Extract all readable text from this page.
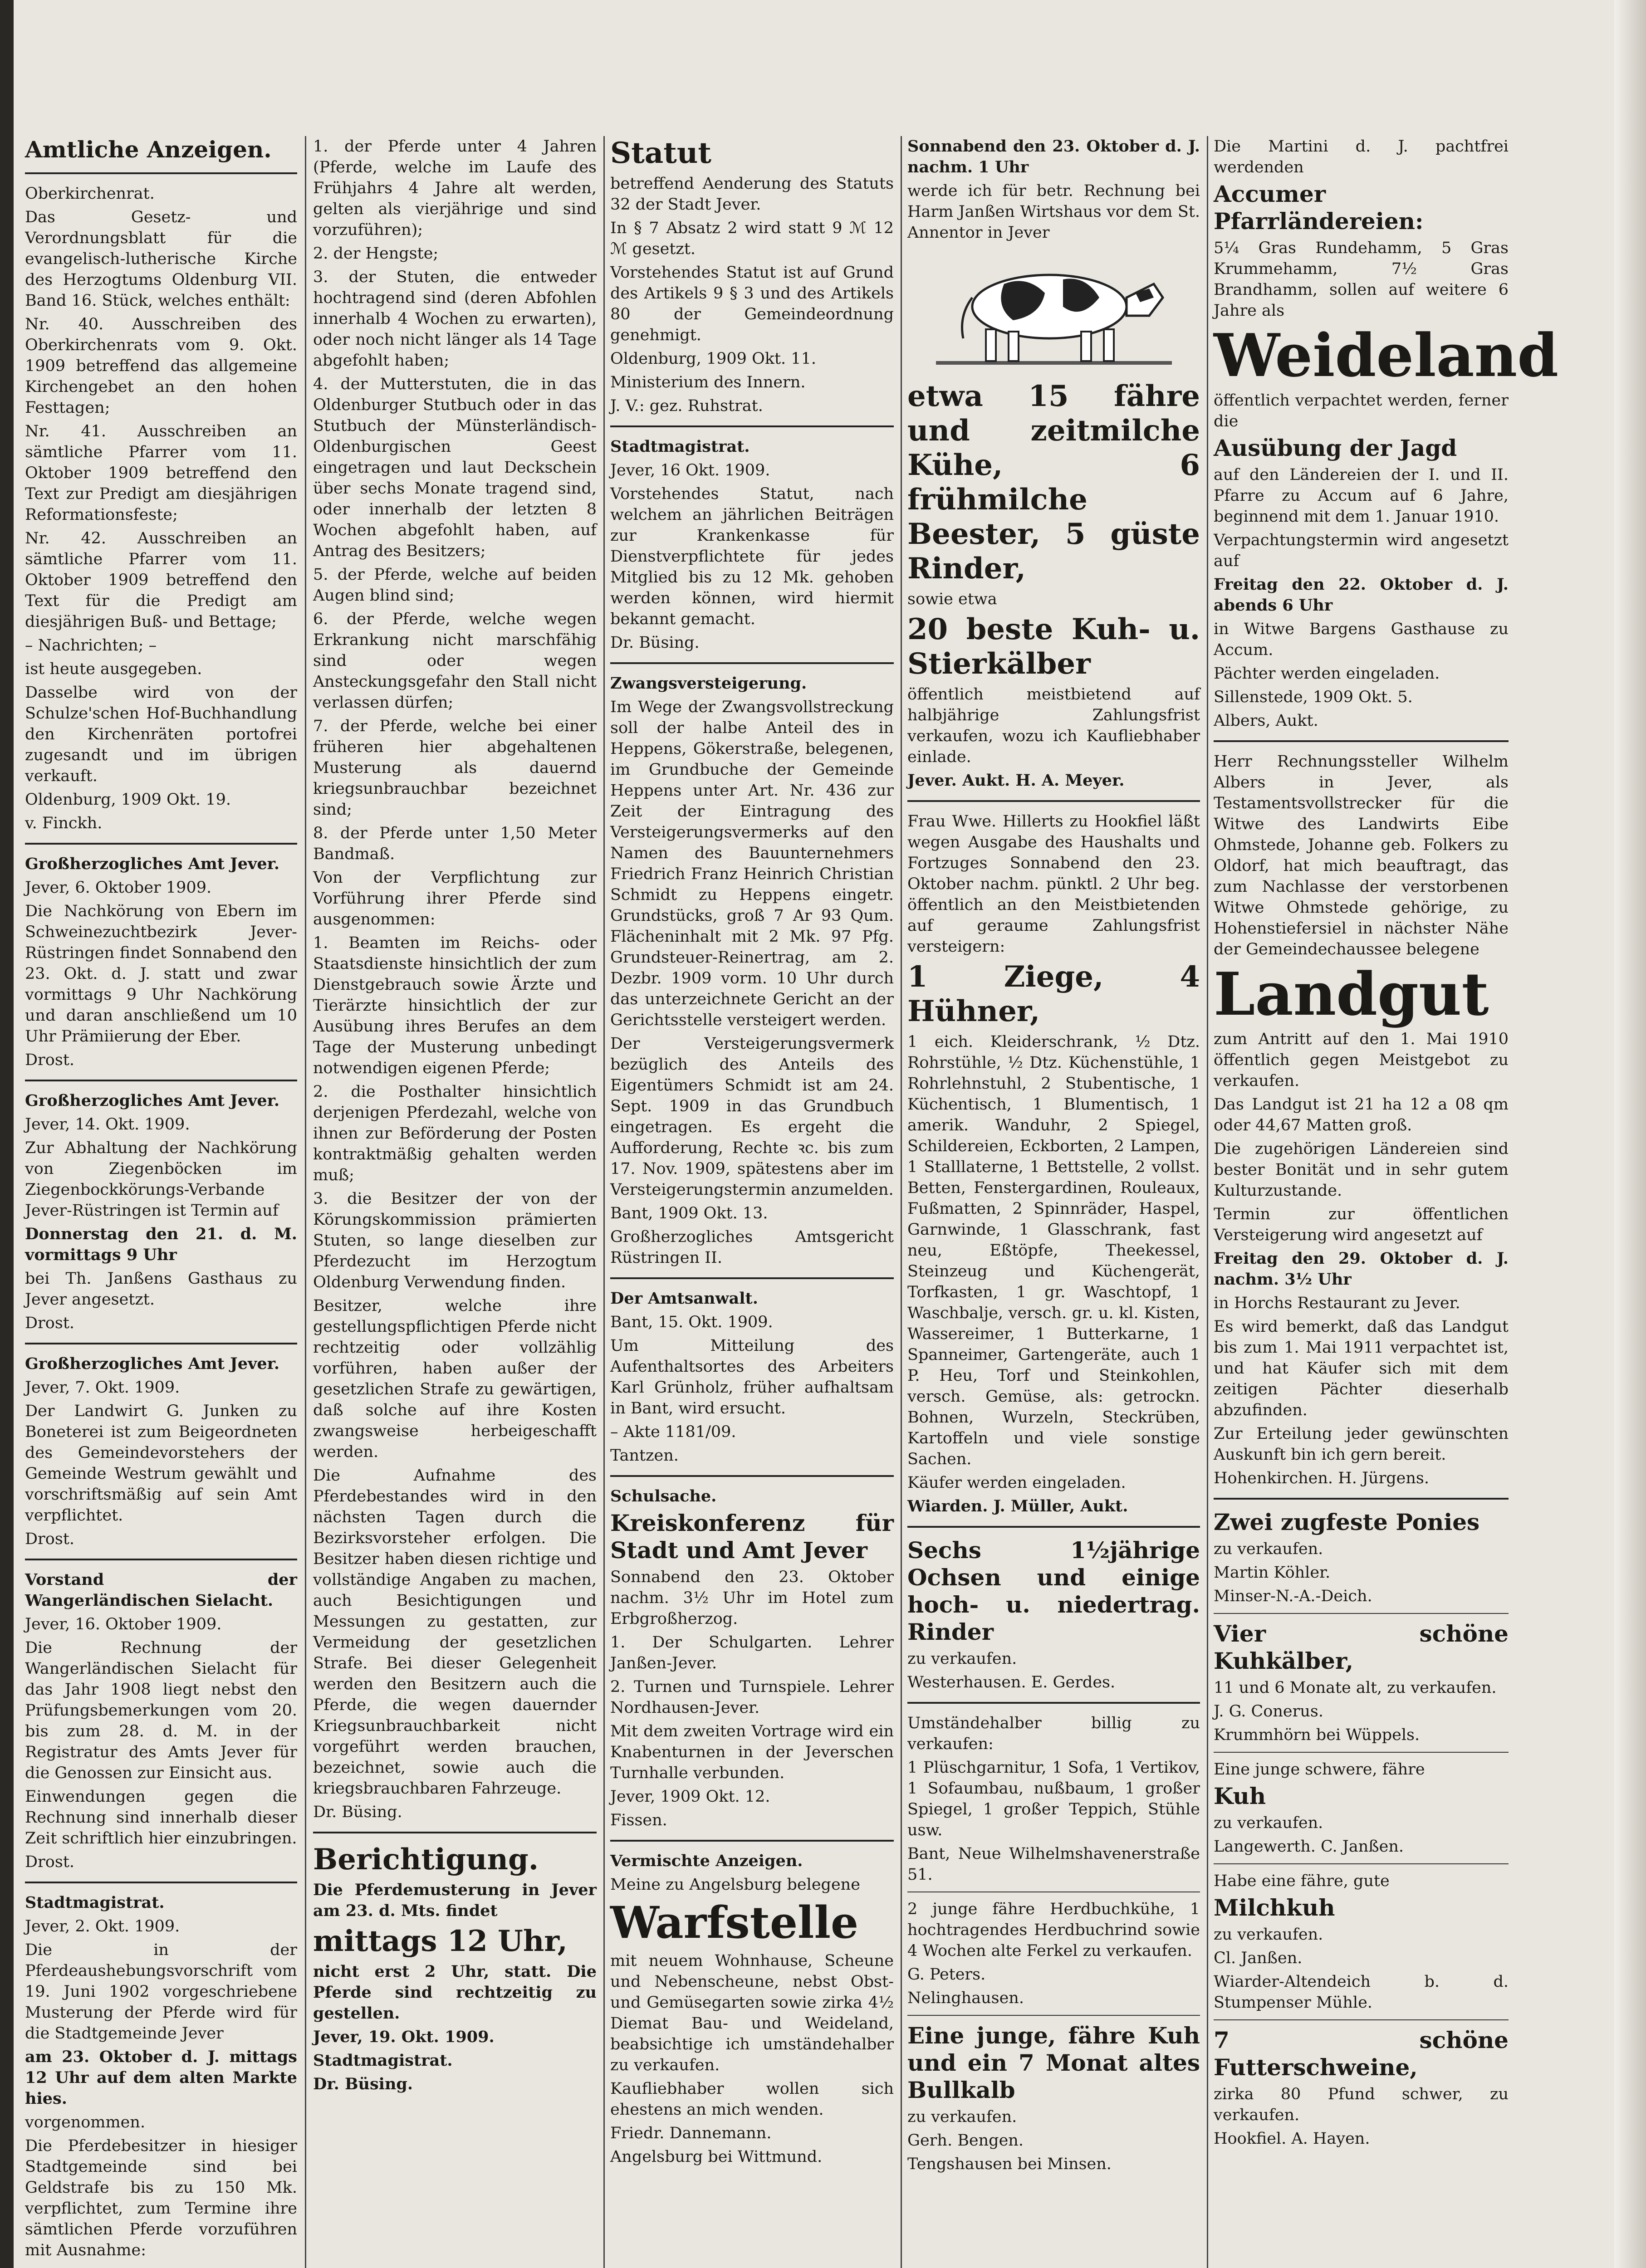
Amtliche Anzeigen.

Oberkirchenrat.

Das Gesetz- und Verordnungsblatt für die evangelisch-lutherische Kirche des Herzogtums Oldenburg VII. Band 16. Stück, welches enthält:

Nr. 40. Ausschreiben des Oberkirchenrats vom 9. Okt. 1909 betreffend das allgemeine Kirchengebet an den hohen Festtagen;

Nr. 41. Ausschreiben an sämtliche Pfarrer vom 11. Oktober 1909 betreffend den Text zur Predigt am diesjährigen Reformationsfeste;

Nr. 42. Ausschreiben an sämtliche Pfarrer vom 11. Oktober 1909 betreffend den Text für die Predigt am diesjährigen Buß- und Bettage;

– Nachrichten; –

ist heute ausgegeben.

Dasselbe wird von der Schulze'schen Hof-Buchhandlung den Kirchenräten portofrei zugesandt und im übrigen verkauft.

Oldenburg, 1909 Okt. 19.

v. Finckh.

Großherzogliches Amt Jever.

Jever, 6. Oktober 1909.

Die Nachkörung von Ebern im Schweinezuchtbezirk Jever-Rüstringen findet Sonnabend den 23. Okt. d. J. statt und zwar vormittags 9 Uhr Nachkörung und daran anschließend um 10 Uhr Prämiierung der Eber.

Drost.

Großherzogliches Amt Jever.

Jever, 14. Okt. 1909.

Zur Abhaltung der Nachkörung von Ziegenböcken im Ziegenbockkörungs-Verbande Jever-Rüstringen ist Termin auf

Donnerstag den 21. d. M. vormittags 9 Uhr

bei Th. Janßens Gasthaus zu Jever angesetzt.

Drost.

Großherzogliches Amt Jever.

Jever, 7. Okt. 1909.

Der Landwirt G. Junken zu Boneterei ist zum Beigeordneten des Gemeindevorstehers der Gemeinde Westrum gewählt und vorschriftsmäßig auf sein Amt verpflichtet.

Drost.

Vorstand der Wangerländischen Sielacht.

Jever, 16. Oktober 1909.

Die Rechnung der Wangerländischen Sielacht für das Jahr 1908 liegt nebst den Prüfungsbemerkungen vom 20. bis zum 28. d. M. in der Registratur des Amts Jever für die Genossen zur Einsicht aus.

Einwendungen gegen die Rechnung sind innerhalb dieser Zeit schriftlich hier einzubringen.

Drost.

Stadtmagistrat.

Jever, 2. Okt. 1909.

Die in der Pferdeaushebungsvorschrift vom 19. Juni 1902 vorgeschriebene Musterung der Pferde wird für die Stadtgemeinde Jever

am 23. Oktober d. J. mittags 12 Uhr auf dem alten Markte hies.

vorgenommen.

Die Pferdebesitzer in hiesiger Stadtgemeinde sind bei Geldstrafe bis zu 150 Mk. verpflichtet, zum Termine ihre sämtlichen Pferde vorzuführen mit Ausnahme:

1. der Pferde unter 4 Jahren (Pferde, welche im Laufe des Frühjahrs 4 Jahre alt werden, gelten als vierjährige und sind vorzuführen);

2. der Hengste;

3. der Stuten, die entweder hochtragend sind (deren Abfohlen innerhalb 4 Wochen zu erwarten), oder noch nicht länger als 14 Tage abgefohlt haben;

4. der Mutterstuten, die in das Oldenburger Stutbuch oder in das Stutbuch der Münsterländisch-Oldenburgischen Geest eingetragen und laut Deckschein über sechs Monate tragend sind, oder innerhalb der letzten 8 Wochen abgefohlt haben, auf Antrag des Besitzers;

5. der Pferde, welche auf beiden Augen blind sind;

6. der Pferde, welche wegen Erkrankung nicht marschfähig sind oder wegen Ansteckungsgefahr den Stall nicht verlassen dürfen;

7. der Pferde, welche bei einer früheren hier abgehaltenen Musterung als dauernd kriegsunbrauchbar bezeichnet sind;

8. der Pferde unter 1,50 Meter Bandmaß.

Von der Verpflichtung zur Vorführung ihrer Pferde sind ausgenommen:

1. Beamten im Reichs- oder Staatsdienste hinsichtlich der zum Dienstgebrauch sowie Ärzte und Tierärzte hinsichtlich der zur Ausübung ihres Berufes an dem Tage der Musterung unbedingt notwendigen eigenen Pferde;

2. die Posthalter hinsichtlich derjenigen Pferdezahl, welche von ihnen zur Beförderung der Posten kontraktmäßig gehalten werden muß;

3. die Besitzer der von der Körungskommission prämierten Stuten, so lange dieselben zur Pferdezucht im Herzogtum Oldenburg Verwendung finden.

Besitzer, welche ihre gestellungspflichtigen Pferde nicht rechtzeitig oder vollzählig vorführen, haben außer der gesetzlichen Strafe zu gewärtigen, daß solche auf ihre Kosten zwangsweise herbeigeschafft werden.

Die Aufnahme des Pferdebestandes wird in den nächsten Tagen durch die Bezirksvorsteher erfolgen. Die Besitzer haben diesen richtige und vollständige Angaben zu machen, auch Besichtigungen und Messungen zu gestatten, zur Vermeidung der gesetzlichen Strafe. Bei dieser Gelegenheit werden den Besitzern auch die Pferde, die wegen dauernder Kriegsunbrauchbarkeit nicht vorgeführt werden brauchen, bezeichnet, sowie auch die kriegsbrauchbaren Fahrzeuge.

Dr. Büsing.

Berichtigung.

Die Pferdemusterung in Jever am 23. d. Mts. findet

mittags 12 Uhr,

nicht erst 2 Uhr, statt. Die Pferde sind rechtzeitig zu gestellen.

Jever, 19. Okt. 1909.

Stadtmagistrat.

Dr. Büsing.

Statut

betreffend Aenderung des Statuts 32 der Stadt Jever.

In § 7 Absatz 2 wird statt 9 ℳ 12 ℳ gesetzt.

Vorstehendes Statut ist auf Grund des Artikels 9 § 3 und des Artikels 80 der Gemeindeordnung genehmigt.

Oldenburg, 1909 Okt. 11.

Ministerium des Innern.

J. V.: gez. Ruhstrat.

Stadtmagistrat.

Jever, 16 Okt. 1909.

Vorstehendes Statut, nach welchem an jährlichen Beiträgen zur Krankenkasse für Dienstverpflichtete für jedes Mitglied bis zu 12 Mk. gehoben werden können, wird hiermit bekannt gemacht.

Dr. Büsing.

Zwangsversteigerung.

Im Wege der Zwangsvollstreckung soll der halbe Anteil des in Heppens, Gökerstraße, belegenen, im Grundbuche der Gemeinde Heppens unter Art. Nr. 436 zur Zeit der Eintragung des Versteigerungsvermerks auf den Namen des Bauunternehmers Friedrich Franz Heinrich Christian Schmidt zu Heppens eingetr. Grundstücks, groß 7 Ar 93 Qum. Flächeninhalt mit 2 Mk. 97 Pfg. Grundsteuer-Reinertrag, am 2. Dezbr. 1909 vorm. 10 Uhr durch das unterzeichnete Gericht an der Gerichtsstelle versteigert werden.

Der Versteigerungsvermerk bezüglich des Anteils des Eigentümers Schmidt ist am 24. Sept. 1909 in das Grundbuch eingetragen. Es ergeht die Aufforderung, Rechte ꝛc. bis zum 17. Nov. 1909, spätestens aber im Versteigerungstermin anzumelden.

Bant, 1909 Okt. 13.

Großherzogliches Amtsgericht Rüstringen II.

Der Amtsanwalt.

Bant, 15. Okt. 1909.

Um Mitteilung des Aufenthaltsortes des Arbeiters Karl Grünholz, früher aufhaltsam in Bant, wird ersucht.

– Akte 1181/09.

Tantzen.

Schulsache.

Kreiskonferenz für Stadt und Amt Jever

Sonnabend den 23. Oktober nachm. 3½ Uhr im Hotel zum Erbgroßherzog.

1. Der Schulgarten. Lehrer Janßen-Jever.

2. Turnen und Turnspiele. Lehrer Nordhausen-Jever.

Mit dem zweiten Vortrage wird ein Knabenturnen in der Jeverschen Turnhalle verbunden.

Jever, 1909 Okt. 12.

Fissen.

Vermischte Anzeigen.

Meine zu Angelsburg belegene

Warfstelle

mit neuem Wohnhause, Scheune und Nebenscheune, nebst Obst- und Gemüsegarten sowie zirka 4½ Diemat Bau- und Weideland, beabsichtige ich umständehalber zu verkaufen.

Kaufliebhaber wollen sich ehestens an mich wenden.

Friedr. Dannemann.

Angelsburg bei Wittmund.

Sonnabend den 23. Oktober d. J. nachm. 1 Uhr

werde ich für betr. Rechnung bei Harm Janßen Wirtshaus vor dem St. Annentor in Jever

etwa 15 fähre und zeitmilche Kühe, 6 frühmilche Beester, 5 güste Rinder,

sowie etwa

20 beste Kuh- u. Stierkälber

öffentlich meistbietend auf halbjährige Zahlungsfrist verkaufen, wozu ich Kaufliebhaber einlade.

Jever. Aukt. H. A. Meyer.

Frau Wwe. Hillerts zu Hookfiel läßt wegen Ausgabe des Haushalts und Fortzuges Sonnabend den 23. Oktober nachm. pünktl. 2 Uhr beg. öffentlich an den Meistbietenden auf geraume Zahlungsfrist versteigern:

1 Ziege, 4 Hühner,

1 eich. Kleiderschrank, ½ Dtz. Rohrstühle, ½ Dtz. Küchenstühle, 1 Rohrlehnstuhl, 2 Stubentische, 1 Küchentisch, 1 Blumentisch, 1 amerik. Wanduhr, 2 Spiegel, Schildereien, Eckborten, 2 Lampen, 1 Stalllaterne, 1 Bettstelle, 2 vollst. Betten, Fenstergardinen, Rouleaux, Fußmatten, 2 Spinnräder, Haspel, Garnwinde, 1 Glasschrank, fast neu, Eßtöpfe, Theekessel, Steinzeug und Küchengerät, Torfkasten, 1 gr. Waschtopf, 1 Waschbalje, versch. gr. u. kl. Kisten, Wassereimer, 1 Butterkarne, 1 Spanneimer, Gartengeräte, auch 1 P. Heu, Torf und Steinkohlen, versch. Gemüse, als: getrockn. Bohnen, Wurzeln, Steckrüben, Kartoffeln und viele sonstige Sachen.

Käufer werden eingeladen.

Wiarden. J. Müller, Aukt.

Sechs 1½jährige Ochsen und einige hoch- u. niedertrag. Rinder

zu verkaufen.

Westerhausen. E. Gerdes.

Umständehalber billig zu verkaufen:

1 Plüschgarnitur, 1 Sofa, 1 Vertikov, 1 Sofaumbau, nußbaum, 1 großer Spiegel, 1 großer Teppich, Stühle usw.

Bant, Neue Wilhelmshavenerstraße 51.

2 junge fähre Herdbuchkühe, 1 hochtragendes Herdbuchrind sowie 4 Wochen alte Ferkel zu verkaufen.

G. Peters.

Nelinghausen.

Eine junge, fähre Kuh und ein 7 Monat altes Bullkalb

zu verkaufen.

Gerh. Bengen.

Tengshausen bei Minsen.

Die Martini d. J. pachtfrei werdenden

Accumer Pfarrländereien:

5¼ Gras Rundehamm, 5 Gras Krummehamm, 7½ Gras Brandhamm, sollen auf weitere 6 Jahre als

Weideland

öffentlich verpachtet werden, ferner die

Ausübung der Jagd

auf den Ländereien der I. und II. Pfarre zu Accum auf 6 Jahre, beginnend mit dem 1. Januar 1910.

Verpachtungstermin wird angesetzt auf

Freitag den 22. Oktober d. J. abends 6 Uhr

in Witwe Bargens Gasthause zu Accum.

Pächter werden eingeladen.

Sillenstede, 1909 Okt. 5.

Albers, Aukt.

Herr Rechnungssteller Wilhelm Albers in Jever, als Testamentsvollstrecker für die Witwe des Landwirts Eibe Ohmstede, Johanne geb. Folkers zu Oldorf, hat mich beauftragt, das zum Nachlasse der verstorbenen Witwe Ohmstede gehörige, zu Hohenstiefersiel in nächster Nähe der Gemeindechaussee belegene

Landgut

zum Antritt auf den 1. Mai 1910 öffentlich gegen Meistgebot zu verkaufen.

Das Landgut ist 21 ha 12 a 08 qm oder 44,67 Matten groß.

Die zugehörigen Ländereien sind bester Bonität und in sehr gutem Kulturzustande.

Termin zur öffentlichen Versteigerung wird angesetzt auf

Freitag den 29. Oktober d. J. nachm. 3½ Uhr

in Horchs Restaurant zu Jever.

Es wird bemerkt, daß das Landgut bis zum 1. Mai 1911 verpachtet ist, und hat Käufer sich mit dem zeitigen Pächter dieserhalb abzufinden.

Zur Erteilung jeder gewünschten Auskunft bin ich gern bereit.

Hohenkirchen. H. Jürgens.

Zwei zugfeste Ponies

zu verkaufen.

Martin Köhler.

Minser-N.-A.-Deich.

Vier schöne Kuhkälber,

11 und 6 Monate alt, zu verkaufen.

J. G. Conerus.

Krummhörn bei Wüppels.

Eine junge schwere, fähre

Kuh

zu verkaufen.

Langewerth. C. Janßen.

Habe eine fähre, gute

Milchkuh

zu verkaufen.

Cl. Janßen.

Wiarder-Altendeich b. d. Stumpenser Mühle.

7 schöne Futterschweine,

zirka 80 Pfund schwer, zu verkaufen.

Hookfiel. A. Hayen.
